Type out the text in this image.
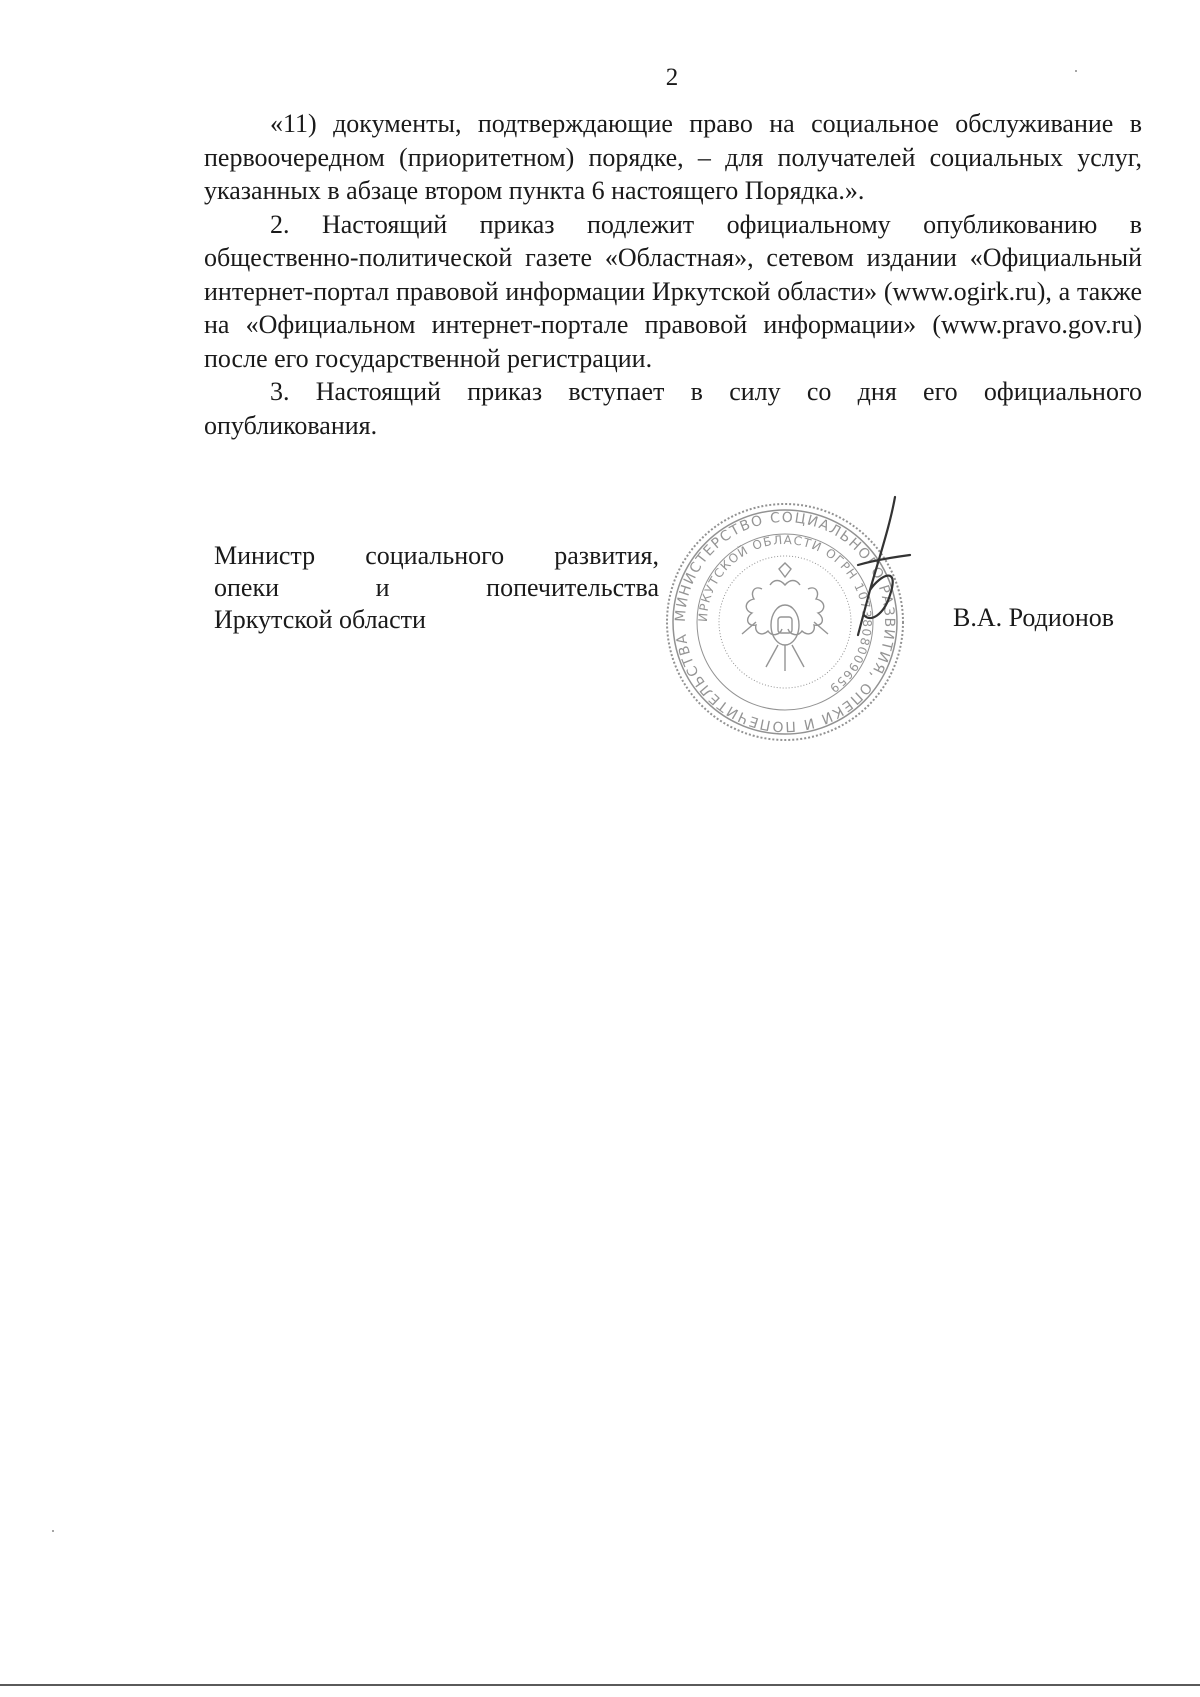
2

«11) документы, подтверждающие право на социальное обслуживание в первоочередном (приоритетном) порядке, – для получателей социальных услуг, указанных в абзаце втором пункта 6 настоящего Порядка.».

2. Настоящий приказ подлежит официальному опубликованию в общественно-политической газете «Областная», сетевом издании «Официальный интернет-портал правовой информации Иркутской области» (www.ogirk.ru), а также на «Официальном интернет-портале правовой информации» (www.pravo.gov.ru) после его государственной регистрации.

3. Настоящий приказ вступает в силу со дня его официального опубликования.

Министр социального развития,
опеки и попечительства
Иркутской области	МИНИСТЕРСТВО СОЦИАЛЬНОГО РАЗВИТИЯ, ОПЕКИ И ПОПЕЧИТЕЛЬСТВА
ИРКУТСКОЙ ОБЛАСТИ ОГРН 1073808009659
В.А. Родионов
